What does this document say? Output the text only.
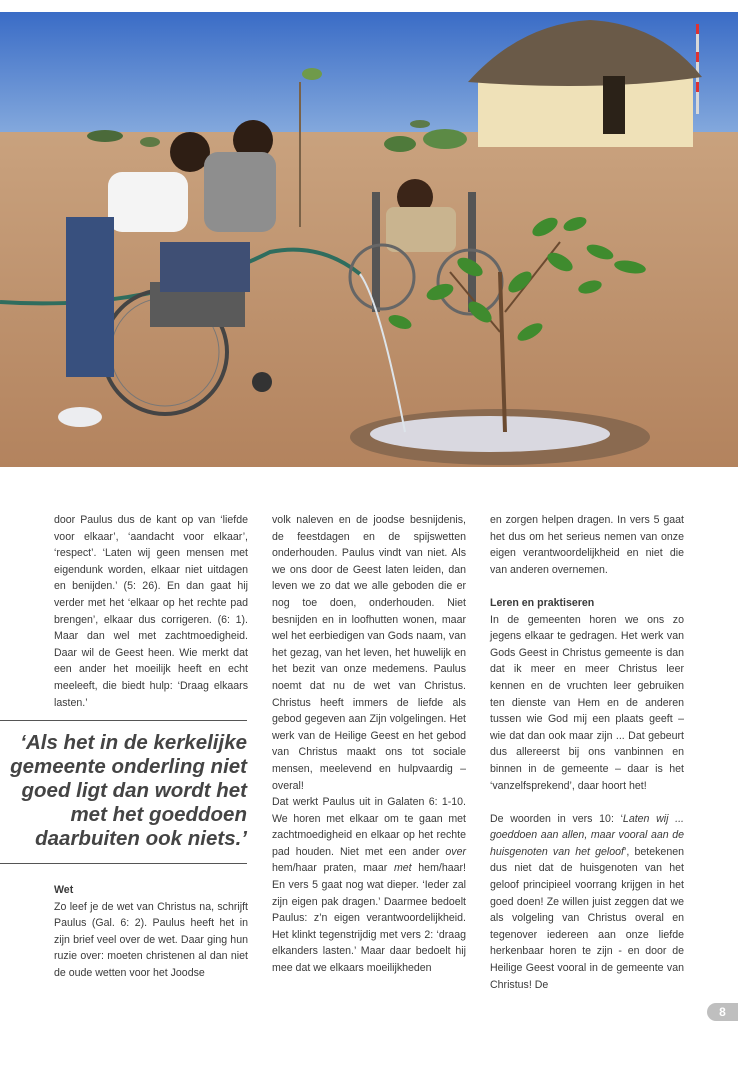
door Paulus dus de kant op van ‘liefde voor elkaar’, ‘aandacht voor elkaar’, ‘respect’. ‘Laten wij geen mensen met eigendunk worden, elkaar niet uitdagen en benijden.’ (5: 26). En dan gaat hij verder met het ‘elkaar op het rechte pad brengen’, elkaar dus corrigeren. (6: 1). Maar dan wel met zachtmoedigheid. Daar wil de Geest heen. Wie merkt dat een ander het moeilijk heeft en echt meeleeft, die biedt hulp: ‘Draag elkaars lasten.’

‘Als het in de kerkelijke gemeente onderling niet goed ligt dan wordt het met het goeddoen daarbuiten ook niets.’

Wet

Zo leef je de wet van Christus na, schrijft Paulus (Gal. 6: 2). Paulus heeft het in zijn brief veel over de wet. Daar ging hun ruzie over: moeten christenen al dan niet de oude wetten voor het Joodse

volk naleven en de joodse besnijdenis, de feestdagen en de spijswetten onderhouden. Paulus vindt van niet. Als we ons door de Geest laten leiden, dan leven we zo dat we alle geboden die er nog toe doen, onderhouden. Niet besnijden en in loofhutten wonen, maar wel het eerbiedigen van Gods naam, van het gezag, van het leven, het huwelijk en het bezit van onze medemens. Paulus noemt dat nu de wet van Christus. Christus heeft immers de liefde als gebod gegeven aan Zijn volgelingen. Het werk van de Heilige Geest en het gebod van Christus maakt ons tot sociale mensen, meelevend en hulpvaardig – overal!

Dat werkt Paulus uit in Galaten 6: 1-10. We horen met elkaar om te gaan met zachtmoedigheid en elkaar op het rechte pad houden. Niet met een ander over hem/haar praten, maar met hem/haar! En vers 5 gaat nog wat dieper. ‘Ieder zal zijn eigen pak dragen.’ Daarmee bedoelt Paulus: z’n eigen verantwoordelijkheid. Het klinkt tegenstrijdig met vers 2: ‘draag elkanders lasten.’ Maar daar bedoelt hij mee dat we elkaars moeilijkheden

en zorgen helpen dragen. In vers 5 gaat het dus om het serieus nemen van onze eigen verantwoordelijkheid en niet die van anderen overnemen.

Leren en praktiseren

In de gemeenten horen we ons zo jegens elkaar te gedragen. Het werk van Gods Geest in Christus gemeente is dan dat ik meer en meer Christus leer kennen en de vruchten leer gebruiken ten dienste van Hem en de anderen tussen wie God mij een plaats geeft – wie dat dan ook maar zijn ... Dat gebeurt dus allereerst bij ons vanbinnen en binnen in de gemeente – daar is het ‘vanzelfsprekend’, daar hoort het!

De woorden in vers 10: ‘Laten wij ... goeddoen aan allen, maar vooral aan de huisgenoten van het geloof’, betekenen dus niet dat de huisgenoten van het geloof principieel voorrang krijgen in het goed doen! Ze willen juist zeggen dat we als volgeling van Christus overal en tegenover iedereen aan onze liefde herkenbaar horen te zijn - en door de Heilige Geest vooral in de gemeente van Christus! De

8
